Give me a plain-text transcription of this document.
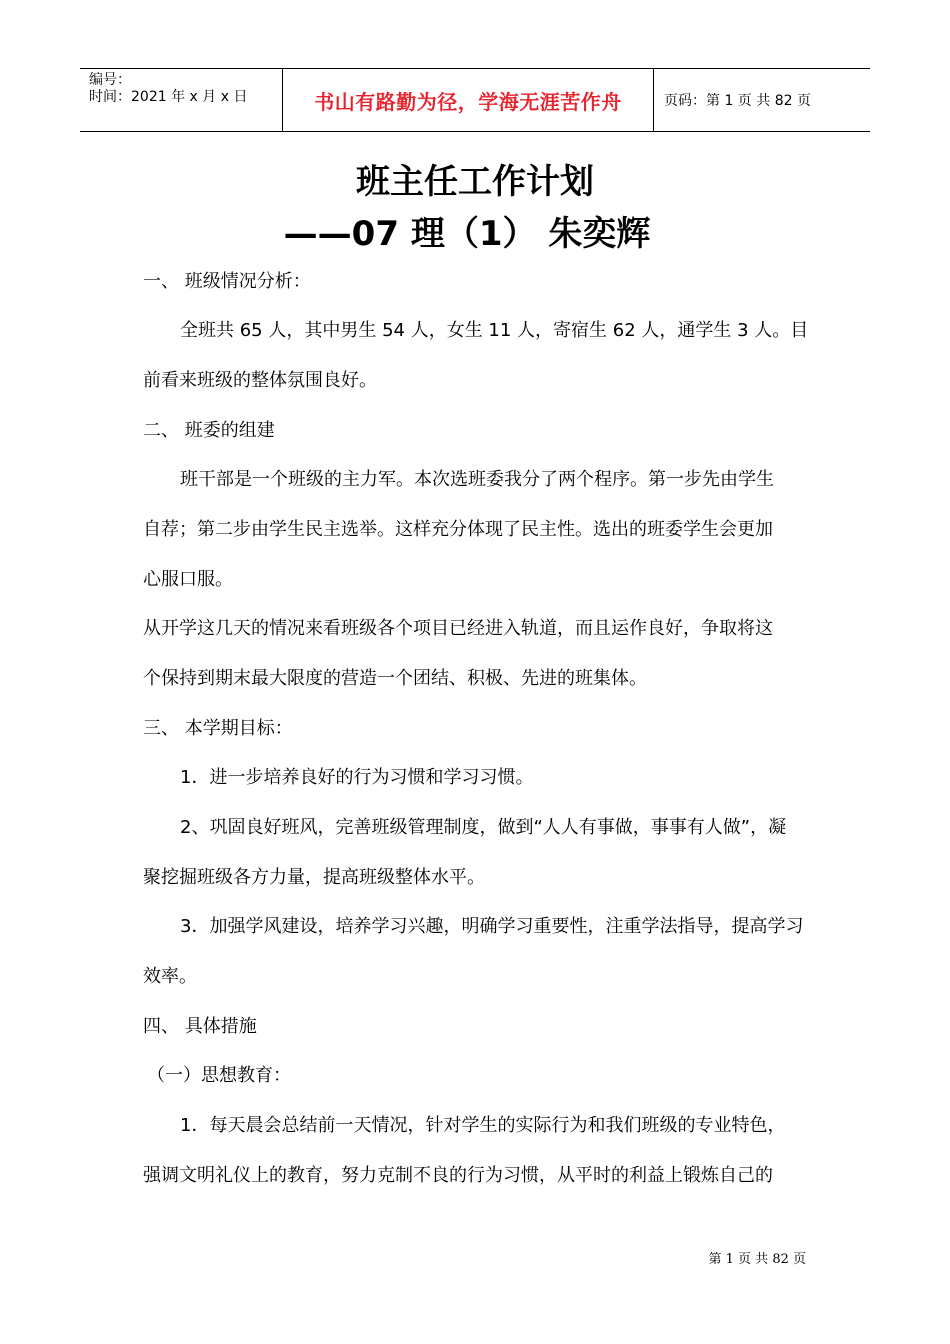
编号：
时间：2021 年 x 月 x 日	书山有路勤为径，学海无涯苦作舟	页码：第 1 页 共 82 页
班主任工作计划
——07 理（1） 朱奕辉
一、 班级情况分析：
全班共 65 人，其中男生 54 人，女生 11 人，寄宿生 62 人，通学生 3 人。目
前看来班级的整体氛围良好。
二、 班委的组建
班干部是一个班级的主力军。本次选班委我分了两个程序。第一步先由学生
自荐；第二步由学生民主选举。这样充分体现了民主性。选出的班委学生会更加
心服口服。
从开学这几天的情况来看班级各个项目已经进入轨道，而且运作良好，争取将这
个保持到期末最大限度的营造一个团结、积极、先进的班集体。
三、 本学期目标：
1．进一步培养良好的行为习惯和学习习惯。
2、巩固良好班风，完善班级管理制度，做到“人人有事做，事事有人做”，凝
聚挖掘班级各方力量，提高班级整体水平。
3．加强学风建设，培养学习兴趣，明确学习重要性，注重学法指导，提高学习
效率。
四、 具体措施
（一）思想教育：
1．每天晨会总结前一天情况，针对学生的实际行为和我们班级的专业特色，
强调文明礼仪上的教育，努力克制不良的行为习惯，从平时的利益上锻炼自己的
第 1 页 共 82 页
